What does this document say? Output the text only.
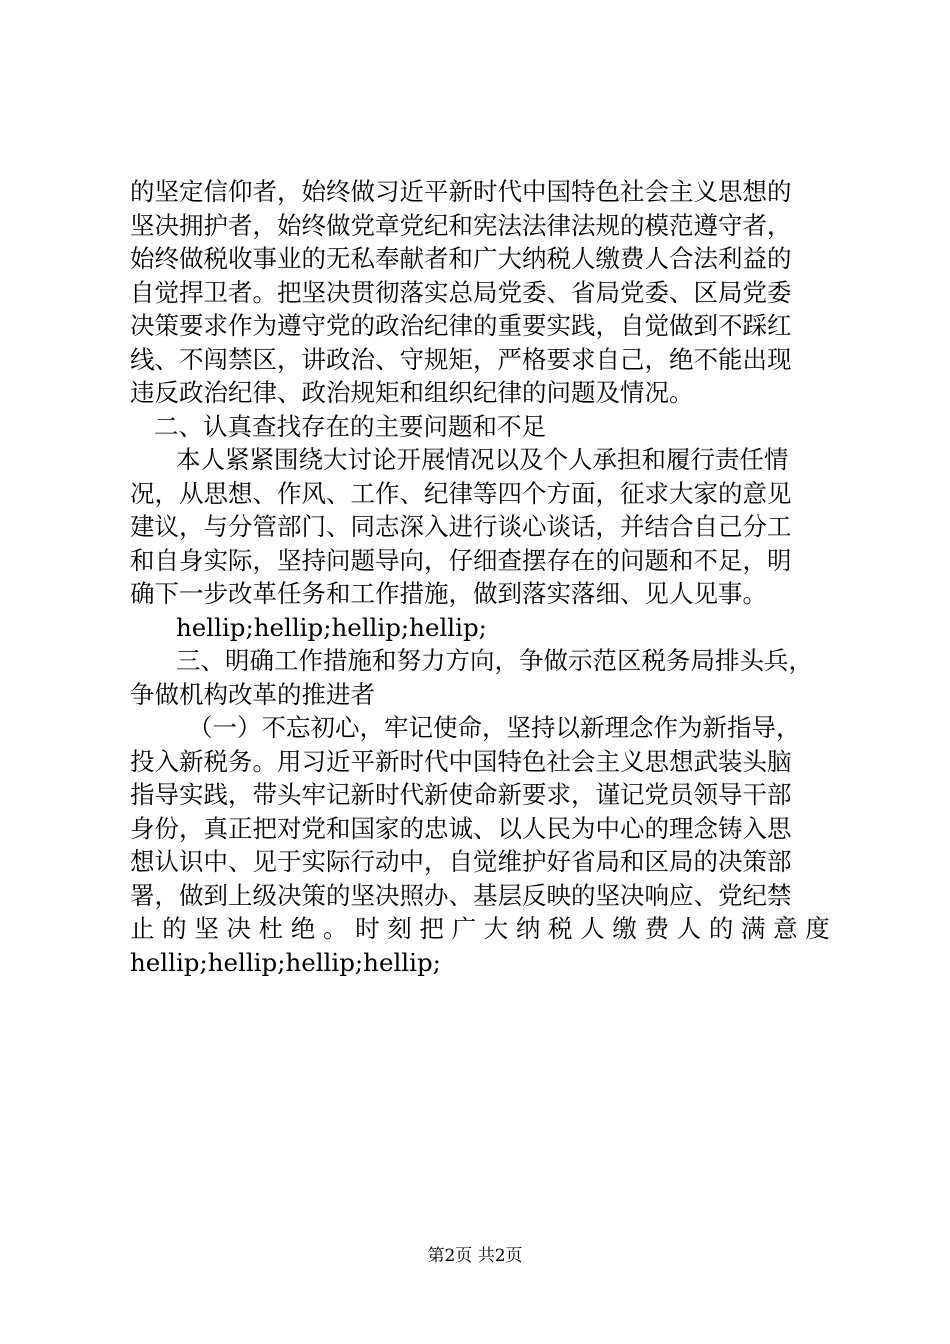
的坚定信仰者，始终做习近平新时代中国特色社会主义思想的
坚决拥护者，始终做党章党纪和宪法法律法规的模范遵守者，
始终做税收事业的无私奉献者和广大纳税人缴费人合法利益的
自觉捍卫者。把坚决贯彻落实总局党委、省局党委、区局党委
决策要求作为遵守党的政治纪律的重要实践，自觉做到不踩红
线、不闯禁区，讲政治、守规矩，严格要求自己，绝不能出现
违反政治纪律、政治规矩和组织纪律的问题及情况。
二、认真查找存在的主要问题和不足
本人紧紧围绕大讨论开展情况以及个人承担和履行责任情
况，从思想、作风、工作、纪律等四个方面，征求大家的意见
建议，与分管部门、同志深入进行谈心谈话，并结合自己分工
和自身实际，坚持问题导向，仔细查摆存在的问题和不足，明
确下一步改革任务和工作措施，做到落实落细、见人见事。
hellip;hellip;hellip;hellip;
三、明确工作措施和努力方向，争做示范区税务局排头兵，
争做机构改革的推进者
（一）不忘初心，牢记使命，坚持以新理念作为新指导，
投入新税务。用习近平新时代中国特色社会主义思想武装头脑
指导实践，带头牢记新时代新使命新要求，谨记党员领导干部
身份，真正把对党和国家的忠诚、以人民为中心的理念铸入思
想认识中、见于实际行动中，自觉维护好省局和区局的决策部
署，做到上级决策的坚决照办、基层反映的坚决响应、党纪禁
止 的 坚 决 杜 绝 。 时 刻 把 广 大 纳 税 人 缴 费 人 的 满 意 度
hellip;hellip;hellip;hellip;
第2页 共2页
